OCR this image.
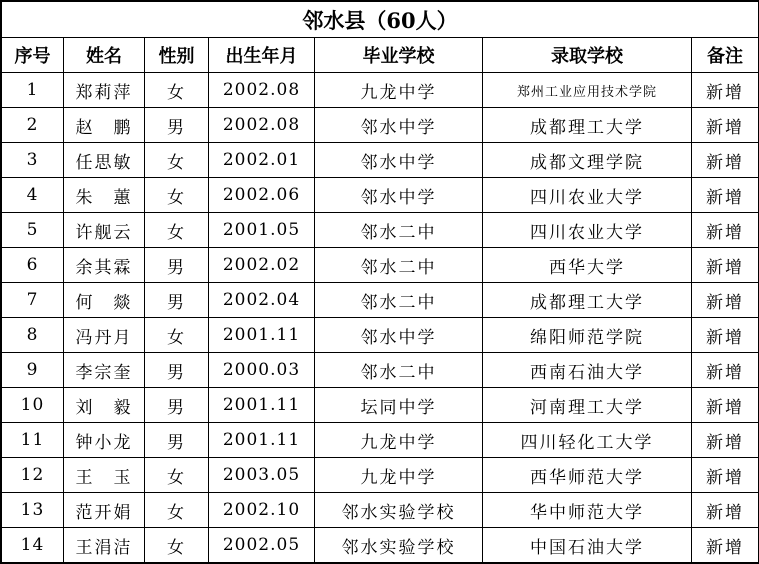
邻水县（60人）						
序号	姓名	性别	出生年月	毕业学校	录取学校	备注
1	郑莉萍	女	2002.08	九龙中学	郑州工业应用技术学院	新增
2	赵　鹏	男	2002.08	邻水中学	成都理工大学	新增
3	任思敏	女	2002.01	邻水中学	成都文理学院	新增
4	朱　蕙	女	2002.06	邻水中学	四川农业大学	新增
5	许舰云	女	2001.05	邻水二中	四川农业大学	新增
6	余其霖	男	2002.02	邻水二中	西华大学	新增
7	何　燚	男	2002.04	邻水二中	成都理工大学	新增
8	冯丹月	女	2001.11	邻水中学	绵阳师范学院	新增
9	李宗奎	男	2000.03	邻水二中	西南石油大学	新增
10	刘　毅	男	2001.11	坛同中学	河南理工大学	新增
11	钟小龙	男	2001.11	九龙中学	四川轻化工大学	新增
12	王　玉	女	2003.05	九龙中学	西华师范大学	新增
13	范开娟	女	2002.10	邻水实验学校	华中师范大学	新增
14	王涓洁	女	2002.05	邻水实验学校	中国石油大学	新增
